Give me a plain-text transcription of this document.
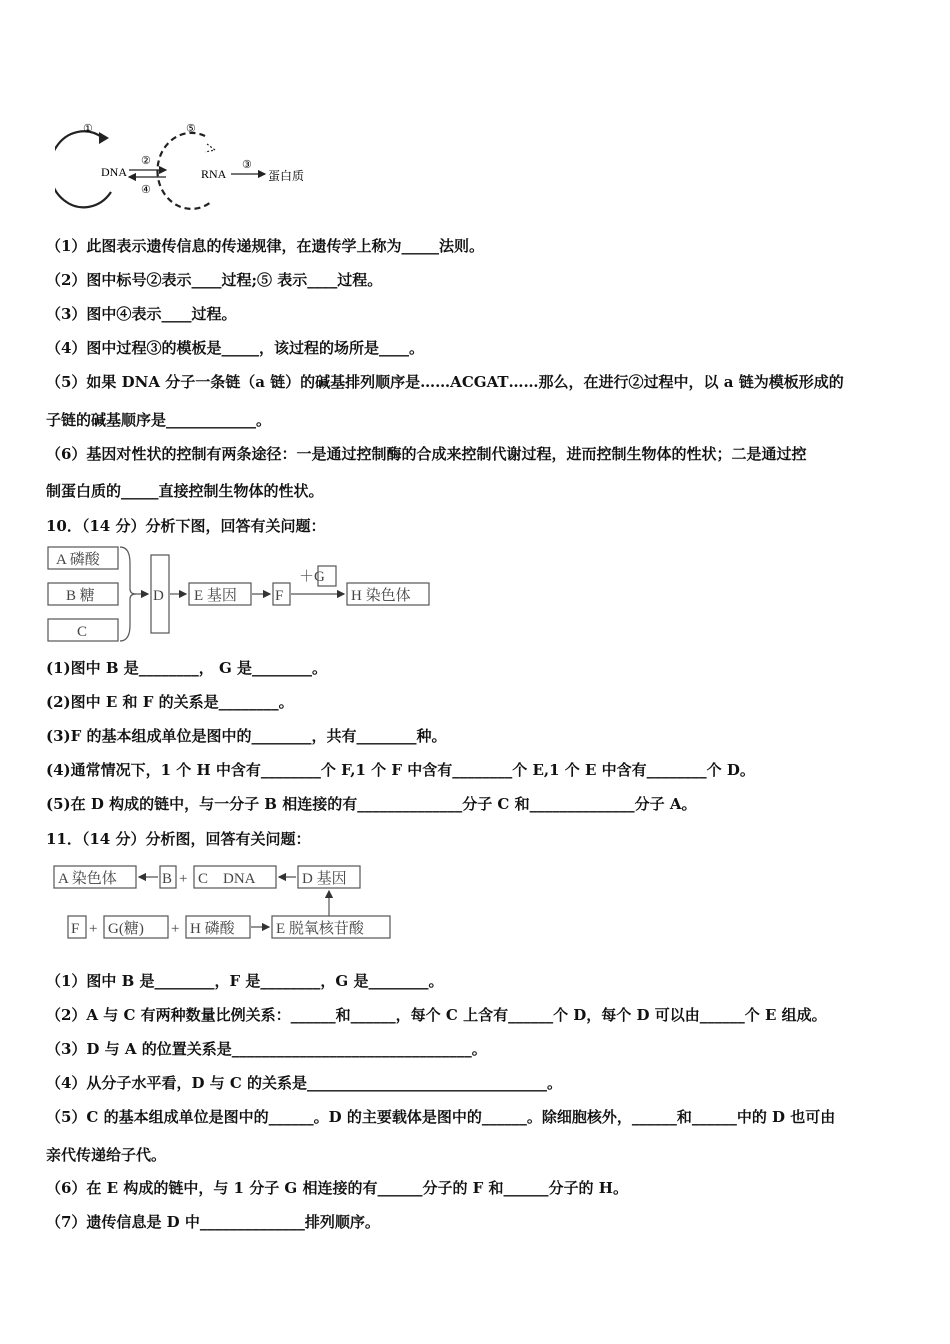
①
DNA
②
④
⑤
RNA
③
蛋白质
（1）此图表示遗传信息的传递规律，在遗传学上称为_____法则。
（2）图中标号②表示____过程;⑤ 表示____过程。
（3）图中④表示____过程。
（4）图中过程③的模板是_____，该过程的场所是____。
（5）如果 DNA 分子一条链（a 链）的碱基排列顺序是……ACGAT……那么，在进行②过程中，以 a 链为模板形成的
子链的碱基顺序是____________。
（6）基因对性状的控制有两条途径：一是通过控制酶的合成来控制代谢过程，进而控制生物体的性状；二是通过控
制蛋白质的_____直接控制生物体的性状。
10．（14 分）分析下图，回答有关问题：
A 磷酸
B 糖
C
D E 基因	F
＋G
H 染色体
(1)图中 B 是________， G 是________。
(2)图中 E 和 F 的关系是________。
(3)F 的基本组成单位是图中的________，共有________种。
(4)通常情况下，1 个 H 中含有________个 F,1 个 F 中含有________个 E,1 个 E 中含有________个 D。
(5)在 D 构成的链中，与一分子 B 相连接的有______________分子 C 和______________分子 A。
11．（14 分）分析图，回答有关问题：
A 染色体	B + C　DNA	D 基因
F + G(糖) + H 磷酸	E 脱氧核苷酸
（1）图中 B 是________，F 是________，G 是________。
（2）A 与 C 有两种数量比例关系：______和______，每个 C 上含有______个 D，每个 D 可以由______个 E 组成。
（3）D 与 A 的位置关系是________________________________。
（4）从分子水平看，D 与 C 的关系是________________________________。
（5）C 的基本组成单位是图中的______。D 的主要载体是图中的______。除细胞核外，______和______中的 D 也可由
亲代传递给子代。
（6）在 E 构成的链中，与 1 分子 G 相连接的有______分子的 F 和______分子的 H。
（7）遗传信息是 D 中______________排列顺序。
